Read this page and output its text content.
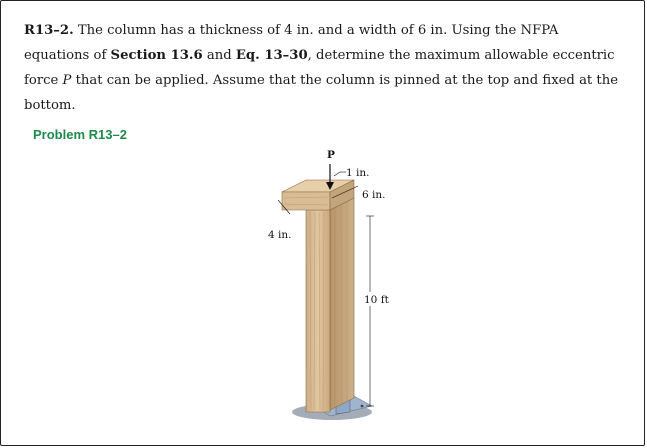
R13–2. The column has a thickness of 4 in. and a width of 6 in. Using the NFPA equations of Section 13.6 and Eq. 13–30, determine the maximum allowable eccentric force P that can be applied. Assume that the column is pinned at the top and fixed at the bottom.

Problem R13–2
P
1 in.
6 in.
4 in.
10 ft
